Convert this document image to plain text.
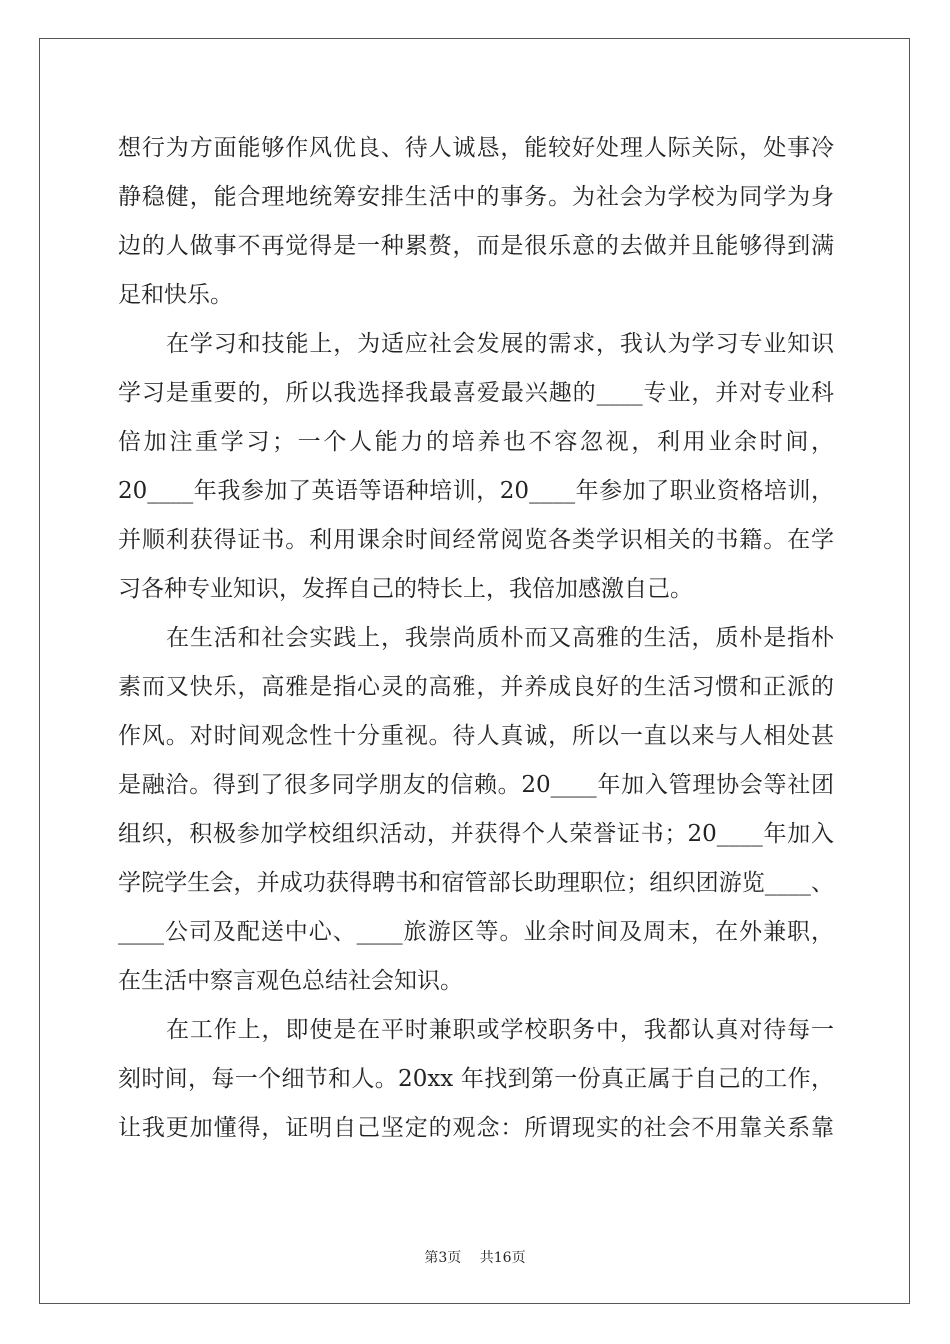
想行为方面能够作风优良、待人诚恳，能较好处理人际关际，处事冷
静稳健，能合理地统筹安排生活中的事务。为社会为学校为同学为身
边的人做事不再觉得是一种累赘，而是很乐意的去做并且能够得到满
足和快乐。
在学习和技能上，为适应社会发展的需求，我认为学习专业知识
学习是重要的，所以我选择我最喜爱最兴趣的____专业，并对专业科
倍加注重学习；一个人能力的培养也不容忽视，利用业余时间，
20____年我参加了英语等语种培训，20____年参加了职业资格培训，
并顺利获得证书。利用课余时间经常阅览各类学识相关的书籍。在学
习各种专业知识，发挥自己的特长上，我倍加感激自己。
在生活和社会实践上，我崇尚质朴而又高雅的生活，质朴是指朴
素而又快乐，高雅是指心灵的高雅，并养成良好的生活习惯和正派的
作风。对时间观念性十分重视。待人真诚，所以一直以来与人相处甚
是融洽。得到了很多同学朋友的信赖。20____年加入管理协会等社团
组织，积极参加学校组织活动，并获得个人荣誉证书；20____年加入
学院学生会，并成功获得聘书和宿管部长助理职位；组织团游览____、
____公司及配送中心、____旅游区等。业余时间及周末，在外兼职，
在生活中察言观色总结社会知识。
在工作上，即使是在平时兼职或学校职务中，我都认真对待每一
刻时间，每一个细节和人。20xx 年找到第一份真正属于自己的工作，
让我更加懂得，证明自己坚定的观念：所谓现实的社会不用靠关系靠
第3页 共16页
